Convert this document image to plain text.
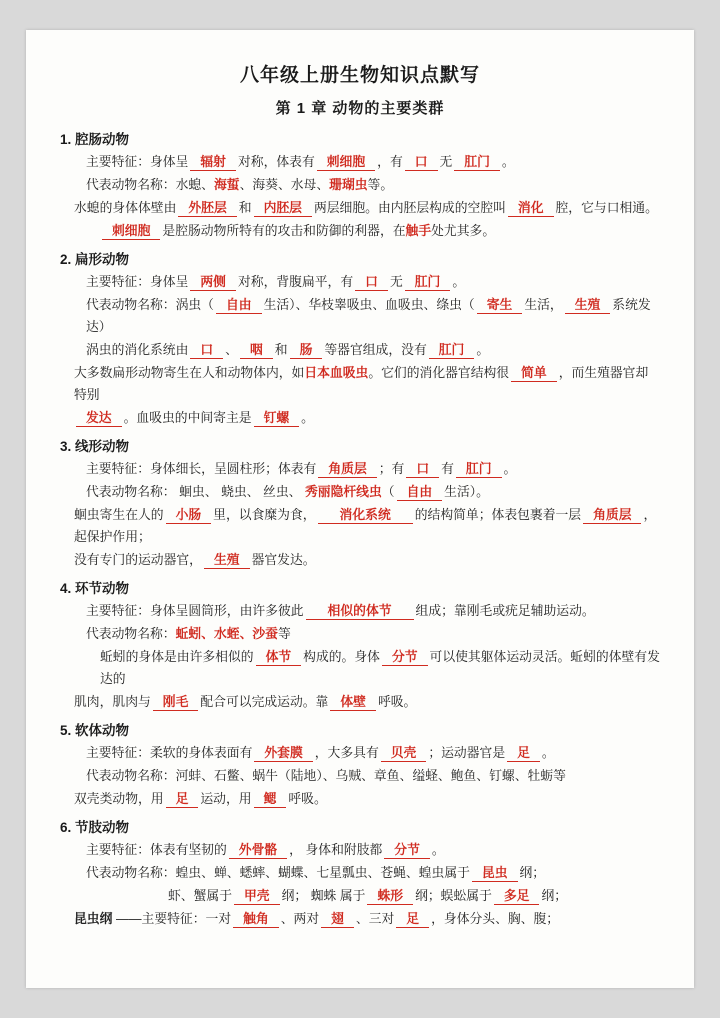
八年级上册生物知识点默写
第 1 章 动物的主要类群
1. 腔肠动物
主要特征：身体呈 辐射 对称，体表有 刺细胞 ，有 口 无 肛门 。
代表动物名称：水螅、海蜇、海葵、水母、珊瑚虫等。
水螅的身体体壁由 外胚层 和 内胚层 两层细胞。由内胚层构成的空腔叫 消化 腔，它与口相通。
刺细胞 是腔肠动物所特有的攻击和防御的利器，在触手处尤其多。
2. 扁形动物
主要特征：身体呈 两侧 对称，背腹扁平，有 口 无 肛门 。
代表动物名称：涡虫（ 自由 生活）、华枝睾吸虫、血吸虫、绦虫（ 寄生 生活， 生殖 系统发达）
涡虫的消化系统由 口 、 咽 和 肠 等器官组成，没有 肛门 。
大多数扁形动物寄生在人和动物体内，如日本血吸虫。它们的消化器官结构很 简单 ，而生殖器官却特别
发达 。血吸虫的中间寄主是 钉螺 。
3. 线形动物
主要特征：身体细长，呈圆柱形；体表有 角质层 ；有 口 有 肛门 。
代表动物名称： 蛔虫、 蛲虫、 丝虫、 秀丽隐杆线虫（ 自由 生活）。
蛔虫寄生在人的 小肠 里，以食糜为食， 消化系统 的结构简单；体表包裹着一层 角质层 ，起保护作用；
没有专门的运动器官， 生殖 器官发达。
4. 环节动物
主要特征：身体呈圆筒形，由许多彼此 相似的体节 组成；靠刚毛或疣足辅助运动。
代表动物名称：蚯蚓、水蛭、沙蚕等
蚯蚓的身体是由许多相似的 体节 构成的。身体 分节 可以使其躯体运动灵活。蚯蚓的体壁有发达的
肌肉，肌肉与 刚毛 配合可以完成运动。靠 体壁 呼吸。
5. 软体动物
主要特征：柔软的身体表面有 外套膜 ，大多具有 贝壳 ；运动器官是 足 。
代表动物名称：河蚌、石鳖、蜗牛（陆地）、乌贼、章鱼、缢蛏、鲍鱼、钉螺、牡蛎等
双壳类动物，用 足 运动，用 鳃 呼吸。
6. 节肢动物
主要特征：体表有坚韧的 外骨骼 ， 身体和附肢都 分节 。
代表动物名称：蝗虫、蝉、蟋蟀、蝴蝶、七星瓢虫、苍蝇、蝗虫属于 昆虫 纲；
虾、蟹属于 甲壳 纲； 蜘蛛 属于 蛛形 纲；蜈蚣属于 多足 纲；
昆虫纲 ——主要特征：一对 触角 、两对 翅 、三对 足 ，身体分头、胸、腹；
